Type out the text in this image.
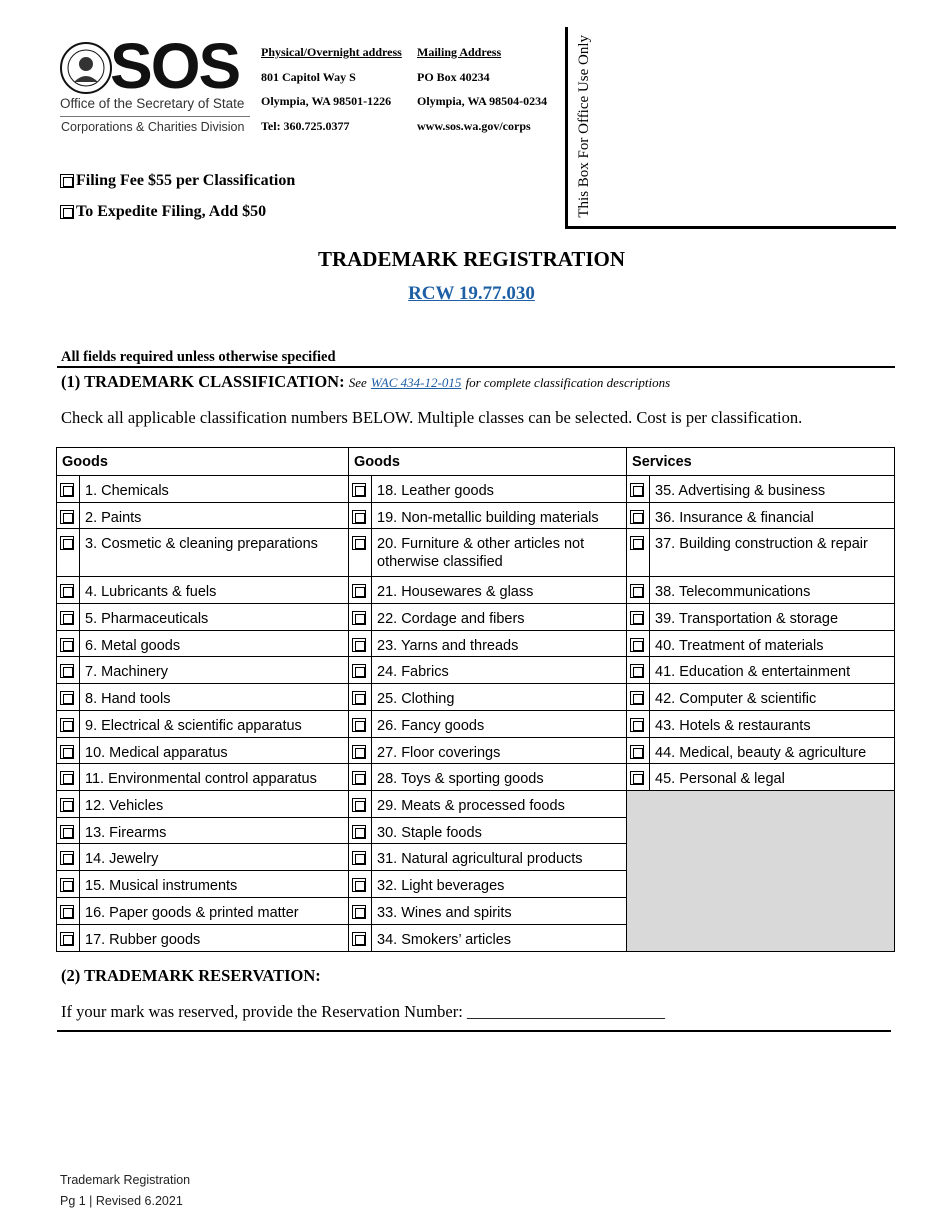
SOS
Office of the Secretary of State
Corporations & Charities Division
Physical/Overnight address
801 Capitol Way S
Olympia, WA 98501-1226
Tel: 360.725.0377
Mailing Address
PO Box 40234
Olympia, WA 98504-0234
www.sos.wa.gov/corps	This Box For Office Use Only
Filing Fee $55 per Classification
To Expedite Filing, Add $50
TRADEMARK REGISTRATION
RCW 19.77.030
All fields required unless otherwise specified
(1) TRADEMARK CLASSIFICATION: See WAC 434-12-015 for complete classification descriptions
Check all applicable classification numbers BELOW. Multiple classes can be selected. Cost is per classification.
Goods		Goods		Services	
	1. Chemicals		18. Leather goods		35. Advertising & business
	2. Paints		19. Non-metallic building materials		36. Insurance & financial
	3. Cosmetic & cleaning preparations		20. Furniture & other articles not otherwise classified		37. Building construction & repair
	4. Lubricants & fuels		21. Housewares & glass		38. Telecommunications
	5. Pharmaceuticals		22. Cordage and fibers		39. Transportation & storage
	6. Metal goods		23. Yarns and threads		40. Treatment of materials
	7. Machinery		24. Fabrics		41. Education & entertainment
	8. Hand tools		25. Clothing		42. Computer & scientific
	9. Electrical & scientific apparatus		26. Fancy goods		43. Hotels & restaurants
	10. Medical apparatus		27. Floor coverings		44. Medical, beauty & agriculture
	11. Environmental control apparatus		28. Toys & sporting goods		45. Personal & legal
	12. Vehicles		29. Meats & processed foods		
	13. Firearms		30. Staple foods		
	14. Jewelry		31. Natural agricultural products		
	15. Musical instruments		32. Light beverages		
	16. Paper goods & printed matter		33. Wines and spirits		
	17. Rubber goods		34. Smokers’ articles		
(2) TRADEMARK RESERVATION:
If your mark was reserved, provide the Reservation Number: ________________________
Trademark Registration
Pg 1 | Revised 6.2021
